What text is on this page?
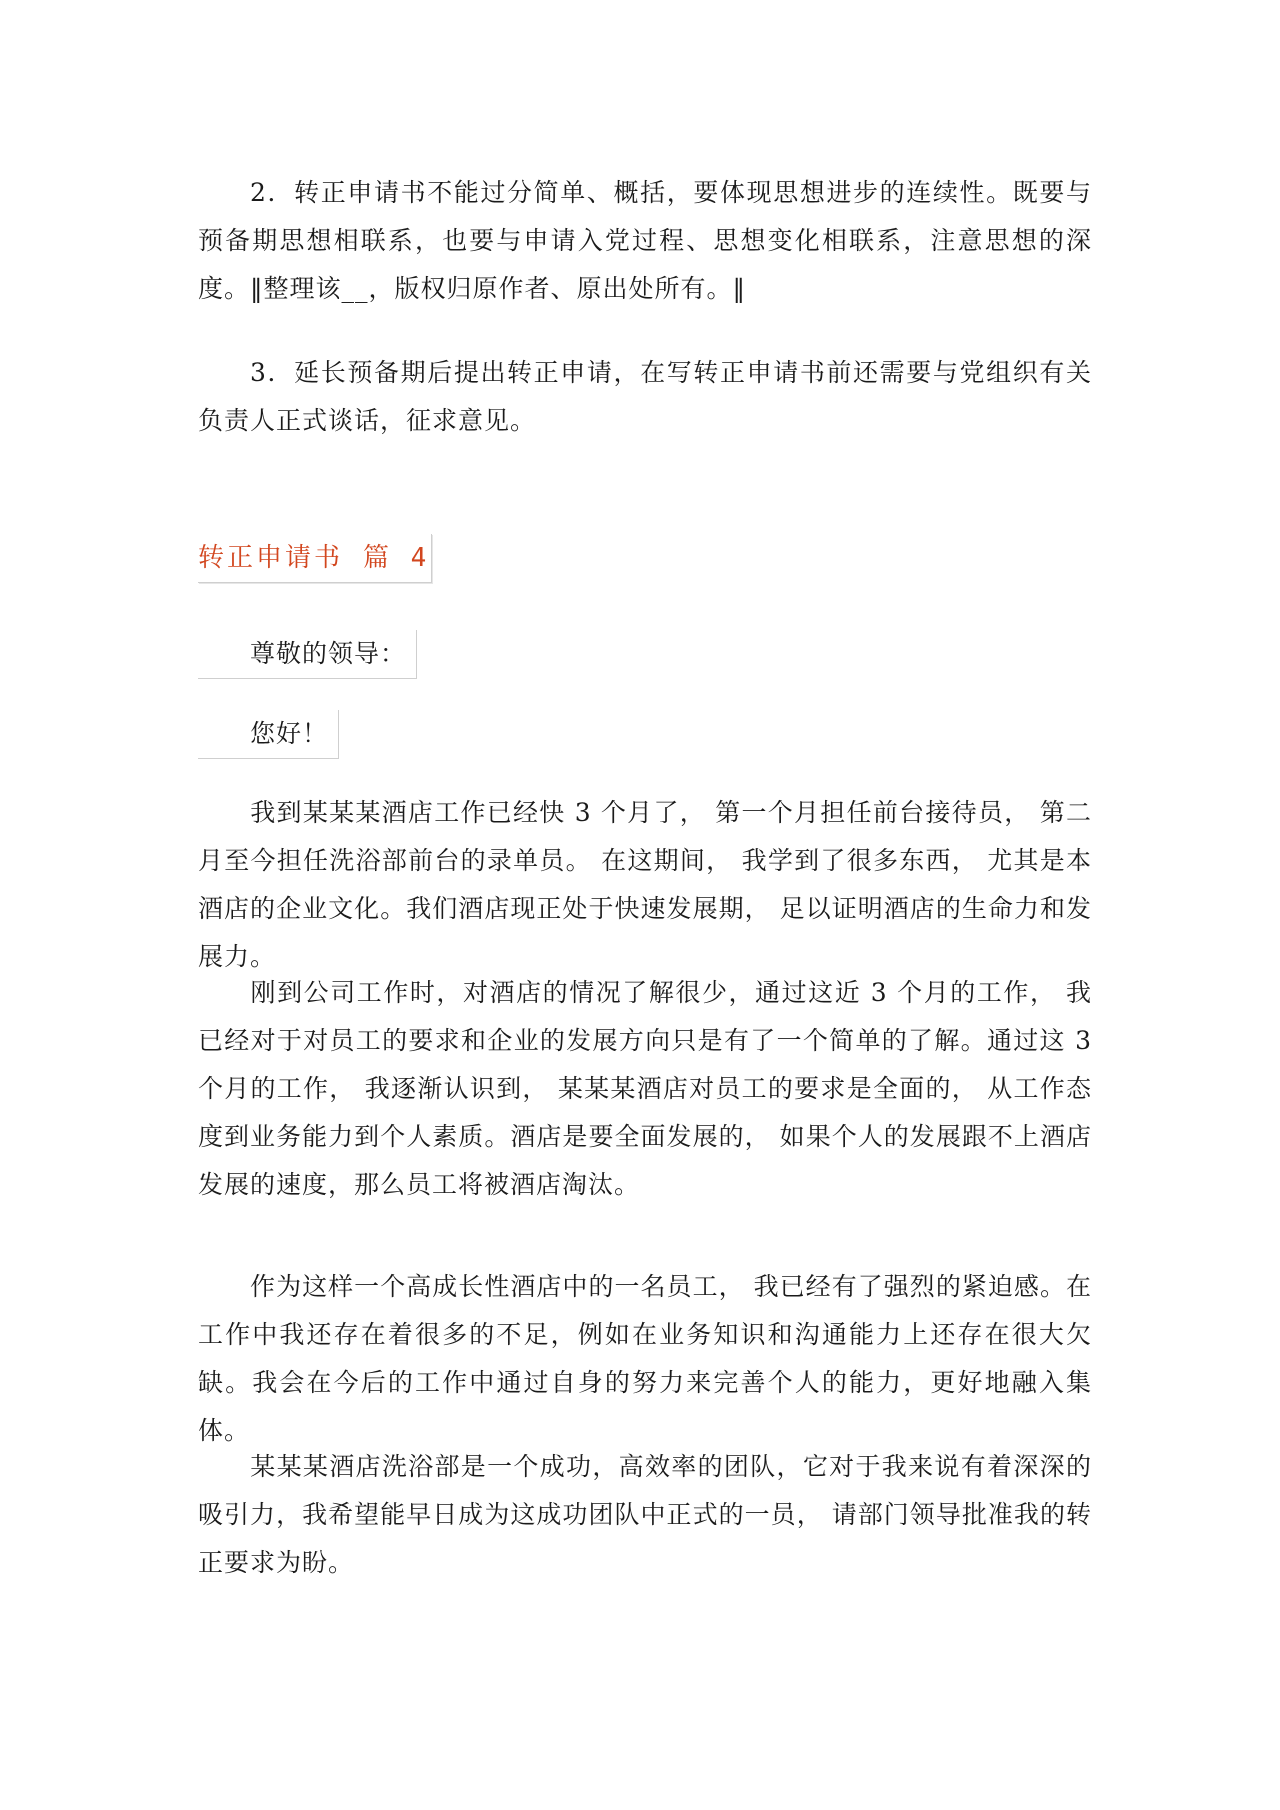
2．转正申请书不能过分简单、概括，要体现思想进步的连续性。既要与预备期思想相联系，也要与申请入党过程、思想变化相联系，注意思想的深度。‖整理该__，版权归原作者、原出处所有。‖

3．延长预备期后提出转正申请，在写转正申请书前还需要与党组织有关负责人正式谈话，征求意见。

转正申请书 篇 4
尊敬的领导：
您好！

我到某某某酒店工作已经快 3 个月了， 第一个月担任前台接待员， 第二月至今担任洗浴部前台的录单员。 在这期间， 我学到了很多东西， 尤其是本酒店的企业文化。我们酒店现正处于快速发展期， 足以证明酒店的生命力和发展力。

刚到公司工作时，对酒店的情况了解很少，通过这近 3 个月的工作， 我已经对于对员工的要求和企业的发展方向只是有了一个简单的了解。通过这 3 个月的工作， 我逐渐认识到， 某某某酒店对员工的要求是全面的， 从工作态度到业务能力到个人素质。酒店是要全面发展的， 如果个人的发展跟不上酒店发展的速度，那么员工将被酒店淘汰。

作为这样一个高成长性酒店中的一名员工， 我已经有了强烈的紧迫感。在工作中我还存在着很多的不足，例如在业务知识和沟通能力上还存在很大欠缺。我会在今后的工作中通过自身的努力来完善个人的能力，更好地融入集体。

某某某酒店洗浴部是一个成功，高效率的团队，它对于我来说有着深深的吸引力，我希望能早日成为这成功团队中正式的一员， 请部门领导批准我的转正要求为盼。
